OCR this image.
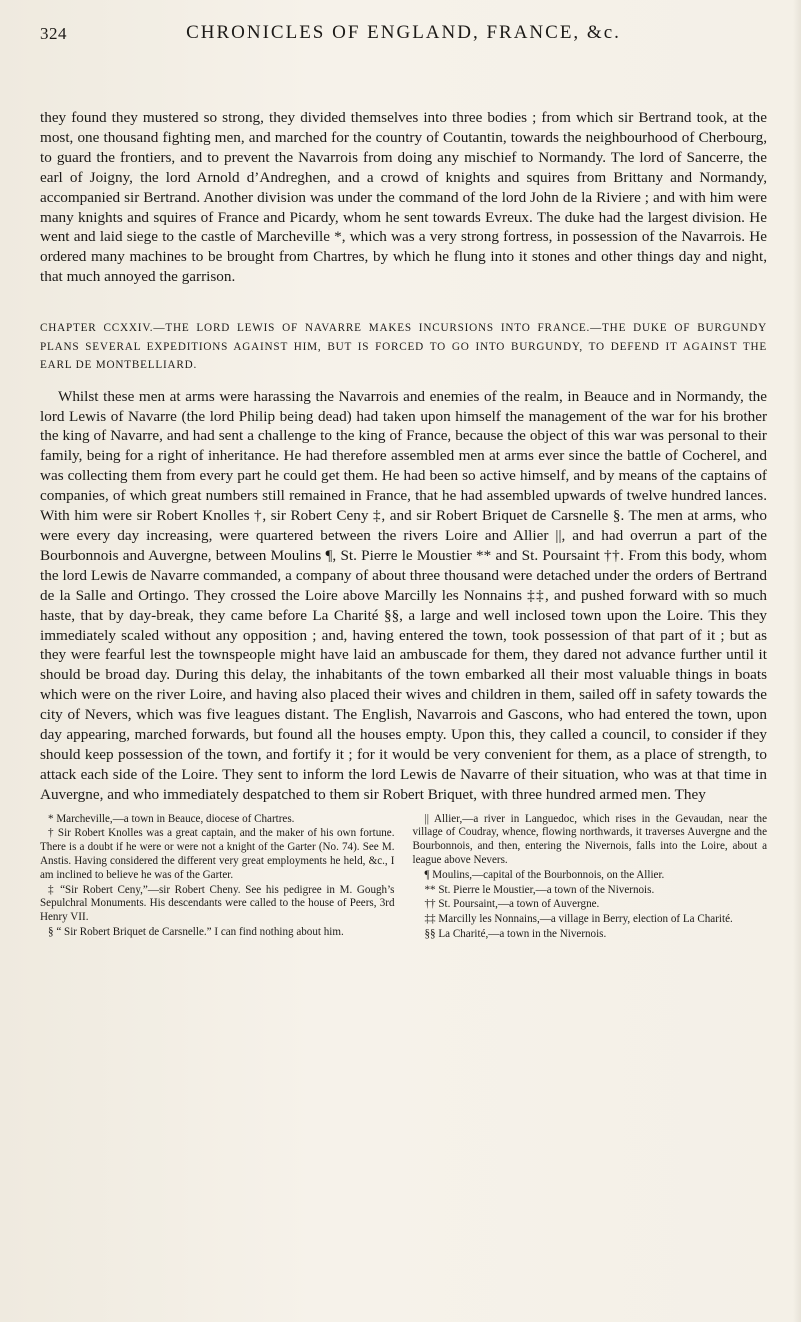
324	CHRONICLES OF ENGLAND, FRANCE, &c.

they found they mustered so strong, they divided themselves into three bodies ; from which sir Bertrand took, at the most, one thousand fighting men, and marched for the country of Coutantin, towards the neighbourhood of Cherbourg, to guard the frontiers, and to prevent the Navarrois from doing any mischief to Normandy. The lord of Sancerre, the earl of Joigny, the lord Arnold d’Andreghen, and a crowd of knights and squires from Brittany and Normandy, accompanied sir Bertrand. Another division was under the command of the lord John de la Riviere ; and with him were many knights and squires of France and Picardy, whom he sent towards Evreux. The duke had the largest division. He went and laid siege to the castle of Marcheville *, which was a very strong fortress, in possession of the Navarrois. He ordered many machines to be brought from Chartres, by which he flung into it stones and other things day and night, that much annoyed the garrison.

CHAPTER CCXXIV.—THE LORD LEWIS OF NAVARRE MAKES INCURSIONS INTO FRANCE.—THE DUKE OF BURGUNDY PLANS SEVERAL EXPEDITIONS AGAINST HIM, BUT IS FORCED TO GO INTO BURGUNDY, TO DEFEND IT AGAINST THE EARL DE MONTBELLIARD.

Whilst these men at arms were harassing the Navarrois and enemies of the realm, in Beauce and in Normandy, the lord Lewis of Navarre (the lord Philip being dead) had taken upon himself the management of the war for his brother the king of Navarre, and had sent a challenge to the king of France, because the object of this war was personal to their family, being for a right of inheritance. He had therefore assembled men at arms ever since the battle of Cocherel, and was collecting them from every part he could get them. He had been so active himself, and by means of the captains of companies, of which great numbers still remained in France, that he had assembled upwards of twelve hundred lances. With him were sir Robert Knolles †, sir Robert Ceny ‡, and sir Robert Briquet de Carsnelle §. The men at arms, who were every day increasing, were quartered between the rivers Loire and Allier ||, and had overrun a part of the Bourbonnois and Auvergne, between Moulins ¶, St. Pierre le Moustier ** and St. Poursaint ††. From this body, whom the lord Lewis de Navarre commanded, a company of about three thousand were detached under the orders of Bertrand de la Salle and Ortingo. They crossed the Loire above Marcilly les Nonnains ‡‡, and pushed forward with so much haste, that by day-break, they came before La Charité §§, a large and well inclosed town upon the Loire. This they immediately scaled without any opposition ; and, having entered the town, took possession of that part of it ; but as they were fearful lest the townspeople might have laid an ambuscade for them, they dared not advance further until it should be broad day. During this delay, the inhabitants of the town embarked all their most valuable things in boats which were on the river Loire, and having also placed their wives and children in them, sailed off in safety towards the city of Nevers, which was five leagues distant. The English, Navarrois and Gascons, who had entered the town, upon day appearing, marched forwards, but found all the houses empty. Upon this, they called a council, to consider if they should keep possession of the town, and fortify it ; for it would be very convenient for them, as a place of strength, to attack each side of the Loire. They sent to inform the lord Lewis de Navarre of their situation, who was at that time in Auvergne, and who immediately despatched to them sir Robert Briquet, with three hundred armed men. They

* Marcheville,—a town in Beauce, diocese of Chartres.

† Sir Robert Knolles was a great captain, and the maker of his own fortune. There is a doubt if he were or were not a knight of the Garter (No. 74). See M. Anstis. Having considered the different very great employments he held, &c., I am inclined to believe he was of the Garter.

‡ “Sir Robert Ceny,”—sir Robert Cheny. See his pedigree in M. Gough’s Sepulchral Monuments. His descendants were called to the house of Peers, 3rd Henry VII.

§ “ Sir Robert Briquet de Carsnelle.” I can find nothing about him.

|| Allier,—a river in Languedoc, which rises in the Gevaudan, near the village of Coudray, whence, flowing northwards, it traverses Auvergne and the Bourbonnois, and then, entering the Nivernois, falls into the Loire, about a league above Nevers.

¶ Moulins,—capital of the Bourbonnois, on the Allier.

** St. Pierre le Moustier,—a town of the Nivernois.

†† St. Poursaint,—a town of Auvergne.

‡‡ Marcilly les Nonnains,—a village in Berry, election of La Charité.

§§ La Charité,—a town in the Nivernois.
